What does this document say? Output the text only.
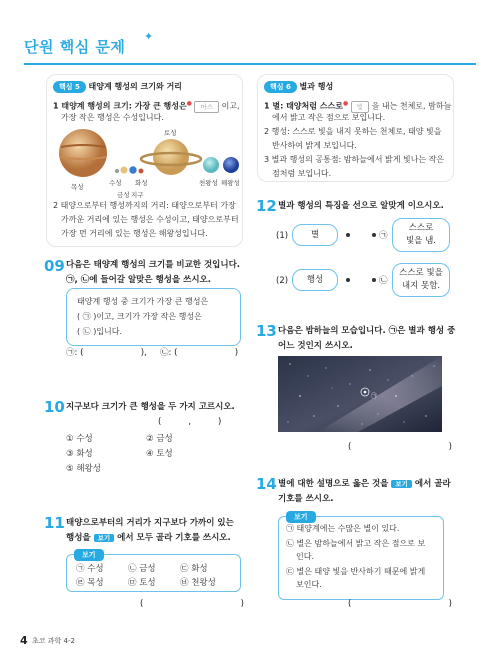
단원 핵심 문제
✦
핵심 5 태양계 행성의 크기와 거리
1 태양계 행성의 크기: 가장 큰 행성은● 마스 이고,
가장 작은 행성은 수성입니다.
목성	수성 화성
금성 지구
토성
천왕성 해왕성
2 태양으로부터 행성까지의 거리: 태양으로부터 가장
가까운 거리에 있는 행성은 수성이고, 태양으로부터
가장 먼 거리에 있는 행성은 해왕성입니다.
핵심 6 별과 행성
1 별: 태양처럼 스스로● 빛 을 내는 천체로, 밤하늘
에서 밝고 작은 점으로 보입니다.
2 행성: 스스로 빛을 내지 못하는 천체로, 태양 빛을
반사하여 밝게 보입니다.
3 별과 행성의 공통점: 밤하늘에서 밝게 빛나는 작은
점처럼 보입니다.
09 다음은 태양계 행성의 크기를 비교한 것입니다.
㉠, ㉡에 들어갈 알맞은 행성을 쓰시오.
태양계 행성 중 크기가 가장 큰 행성은
( ㉠ )이고, 크기가 가장 작은 행성은
( ㉡ )입니다.
㉠: (	), ㉡: (	)
10 지구보다 크기가 큰 행성을 두 가지 고르시오.
(          ,          )
① 수성	② 금성
③ 화성	④ 토성
⑤ 해왕성
11 태양으로부터의 거리가 지구보다 가까이 있는
행성을 보기 에서 모두 골라 기호를 쓰시오.
보기
㉠ 수성	㉡ 금성	㉢ 화성
㉣ 목성	㉤ 토성	㉥ 천왕성
(                                    )
12 별과 행성의 특징을 선으로 알맞게 이으시오.
(1)	별	㉠
스스로
빛을 냄.
(2)	행성	㉡
스스로 빛을
내지 못함.
13 다음은 밤하늘의 모습입니다. ㉠은 별과 행성 중
어느 것인지 쓰시오.
㉠
(                                    )
14 별에 대한 설명으로 옳은 것을 보기 에서 골라
기호를 쓰시오.
보기
㉠ 태양계에는 수많은 별이 있다.
㉡ 별은 밤하늘에서 밝고 작은 점으로 보
인다.
㉢ 별은 태양 빛을 반사하기 때문에 밝게
보인다.
(                                    )
4 초코 과학 4-2
